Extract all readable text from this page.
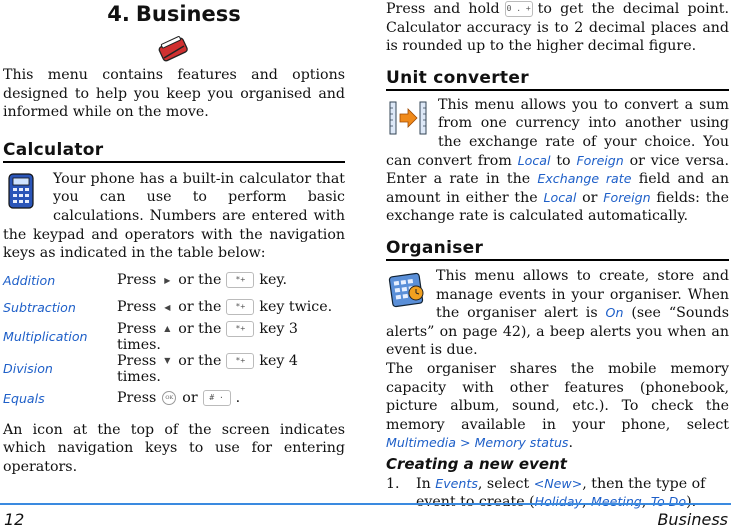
4. Business

This menu contains features and options designed to help you keep you organised and informed while on the move.

Calculator

Your phone has a built-in calculator that you can use to perform basic calculations. Numbers are entered with the keypad and operators with the navigation keys as indicated in the table below:

Addition	Press ▶ or the *+ key.
Subtraction	Press ◀ or the *+ key twice.
Multiplication	Press ▲ or the *+ key 3 times.
Division	Press ▼ or the *+ key 4 times.
Equals	Press OK or # · .

An icon at the top of the screen indicates which navigation keys to use for entering operators.

Press and hold 0 . + to get the decimal point. Calculator accuracy is to 2 decimal places and is rounded up to the higher decimal figure.

Unit converter

This menu allows you to convert a sum from one currency into another using the exchange rate of your choice. You can convert from Local to Foreign or vice versa. Enter a rate in the Exchange rate field and an amount in either the Local or Foreign fields: the exchange rate is calculated automatically.

Organiser

This menu allows to create, store and manage events in your organiser. When the organiser alert is On (see “Sounds alerts” on page 42), a beep alerts you when an event is due.

The organiser shares the mobile memory capacity with other features (phonebook, picture album, sound, etc.). To check the memory available in your phone, select Multimedia > Memory status.

Creating a new event

1. In Events, select <New>, then the type of event to create (Holiday, Meeting, To Do).

12	Business
